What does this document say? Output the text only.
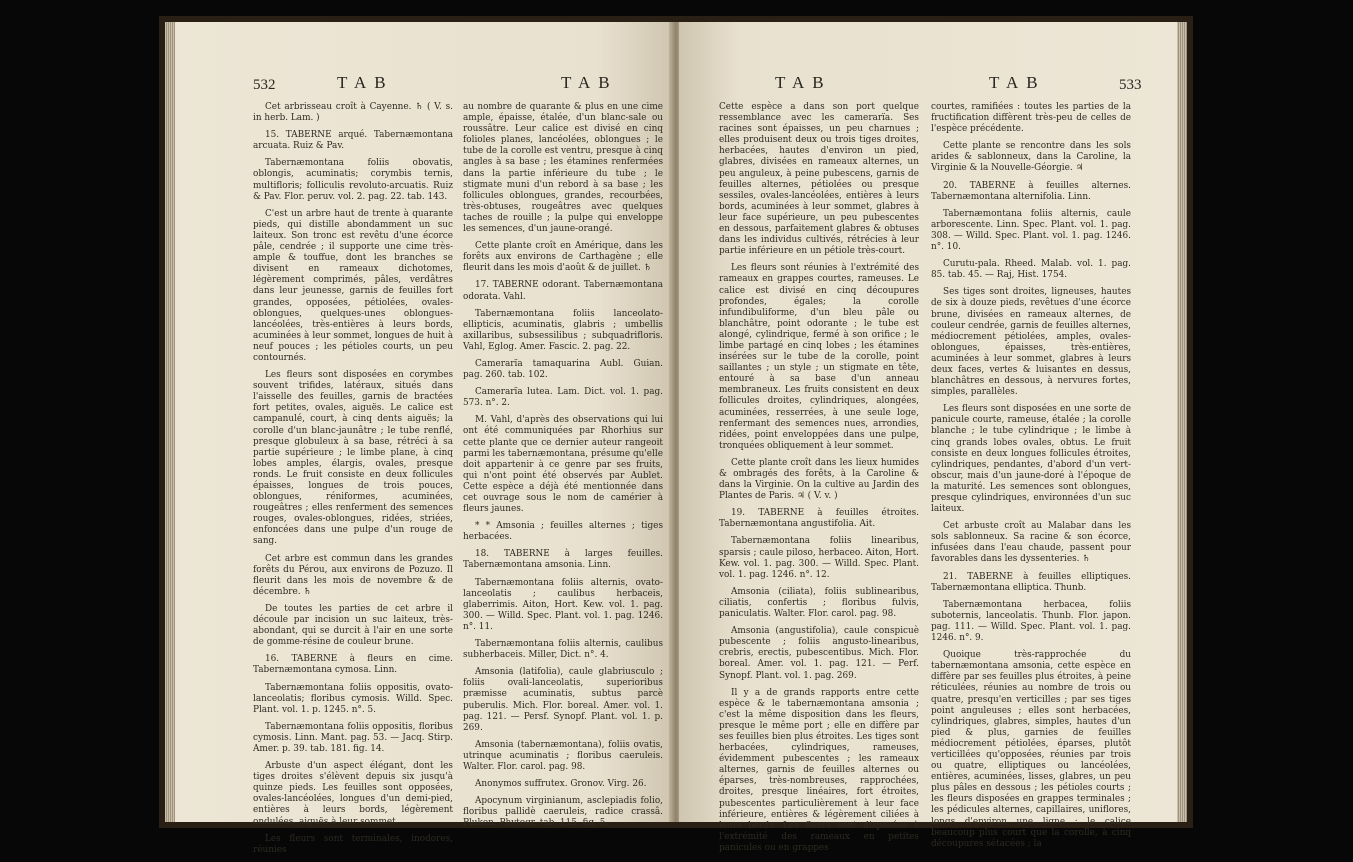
532	TAB	TAB

Cet arbrisseau croît à Cayenne. ♄ ( V. s. in herb. Lam. )

15. TABERNE arqué. Tabernæmontana arcuata. Ruiz & Pav.

Tabernæmontana foliis obovatis, oblongis, acuminatis; corymbis ternis, multifloris; folliculis revoluto-arcuatis. Ruiz & Pav. Flor. peruv. vol. 2. pag. 22. tab. 143.

C'est un arbre haut de trente à quarante pieds, qui distille abondamment un suc laiteux. Son tronc est revêtu d'une écorce pâle, cendrée ; il supporte une cime très-ample & touffue, dont les branches se divisent en rameaux dichotomes, légèrement comprimés, pâles, verdâtres dans leur jeunesse, garnis de feuilles fort grandes, opposées, pétiolées, ovales-oblongues, quelques-unes oblongues-lancéolées, très-entières à leurs bords, acuminées à leur sommet, longues de huit à neuf pouces ; les pétioles courts, un peu contournés.

Les fleurs sont disposées en corymbes souvent trifides, latéraux, situés dans l'aisselle des feuilles, garnis de bractées fort petites, ovales, aiguës. Le calice est campanulé, court, à cinq dents aiguës; la corolle d'un blanc-jaunâtre ; le tube renflé, presque globuleux à sa base, rétréci à sa partie supérieure ; le limbe plane, à cinq lobes amples, élargis, ovales, presque ronds. Le fruit consiste en deux follicules épaisses, longues de trois pouces, oblongues, réniformes, acuminées, rougeâtres ; elles renferment des semences rouges, ovales-oblongues, ridées, striées, enfoncées dans une pulpe d'un rouge de sang.

Cet arbre est commun dans les grandes forêts du Pérou, aux environs de Pozuzo. Il fleurit dans les mois de novembre & de décembre. ♄

De toutes les parties de cet arbre il découle par incision un suc laiteux, très-abondant, qui se durcit à l'air en une sorte de gomme-résine de couleur brune.

16. TABERNE à fleurs en cime. Tabernæmontana cymosa. Linn.

Tabernæmontana foliis oppositis, ovato-lanceolatis; floribus cymosis. Willd. Spec. Plant. vol. 1. p. 1245. n°. 5.

Tabernæmontana foliis oppositis, floribus cymosis. Linn. Mant. pag. 53. — Jacq. Stirp. Amer. p. 39. tab. 181. fig. 14.

Arbuste d'un aspect élégant, dont les tiges droites s'élèvent depuis six jusqu'à quinze pieds. Les feuilles sont opposées, ovales-lancéolées, longues d'un demi-pied, entières à leurs bords, légèrement ondulées, aiguës à leur sommet.

Les fleurs sont terminales, inodores, réunies

au nombre de quarante & plus en une cime ample, épaisse, étalée, d'un blanc-sale ou roussâtre. Leur calice est divisé en cinq folioles planes, lancéolées, oblongues ; le tube de la corolle est ventru, presque à cinq angles à sa base ; les étamines renfermées dans la partie inférieure du tube ; le stigmate muni d'un rebord à sa base ; les follicules oblongues, grandes, recourbées, très-obtuses, rougeâtres avec quelques taches de rouille ; la pulpe qui enveloppe les semences, d'un jaune-orangé.

Cette plante croît en Amérique, dans les forêts aux environs de Carthagène ; elle fleurit dans les mois d'août & de juillet. ♄

17. TABERNE odorant. Tabernæmontana odorata. Vahl.

Tabernæmontana foliis lanceolato-ellipticis, acuminatis, glabris ; umbellis axillaribus, subsessilibus ; subquadrifloris. Vahl, Eglog. Amer. Fascic. 2. pag. 22.

Camerarïa tamaquarina Aubl. Guian. pag. 260. tab. 102.

Camerarïa lutea. Lam. Dict. vol. 1. pag. 573. n°. 2.

M. Vahl, d'après des observations qui lui ont été communiquées par Rhorhius sur cette plante que ce dernier auteur rangeoit parmi les tabernæmontana, présume qu'elle doit appartenir à ce genre par ses fruits, qui n'ont point été observés par Aublet. Cette espèce a déjà été mentionnée dans cet ouvrage sous le nom de camérier à fleurs jaunes.

* * Amsonia ; feuilles alternes ; tiges herbacées.

18. TABERNE à larges feuilles. Tabernæmontana amsonia. Linn.

Tabernæmontana foliis alternis, ovato-lanceolatis ; caulibus herbaceis, glaberrimis. Aiton, Hort. Kew. vol. 1. pag. 300. — Willd. Spec. Plant. vol. 1. pag. 1246. n°. 11.

Tabernæmontana foliis alternis, caulibus subherbaceis. Miller, Dict. n°. 4.

Amsonia (latifolia), caule glabriusculo ; foliis ovali-lanceolatis, superioribus præmisse acuminatis, subtus parcè puberulis. Mich. Flor. boreal. Amer. vol. 1. pag. 121. — Persf. Synopf. Plant. vol. 1. p. 269.

Amsonia (tabernæmontana), foliis ovatis, utrinque acuminatis ; floribus caeruleis. Walter. Flor. carol. pag. 98.

Anonymos suffrutex. Gronov. Virg. 26.

Apocynum virginianum, asclepiadis folio, floribus pallidè caeruleis, radice crassâ. Pluken. Phytogr. tab. 115. fig. 5.

TAB	TAB	533

Cette espèce a dans son port quelque ressemblance avec les camerarïa. Ses racines sont épaisses, un peu charnues ; elles produisent deux ou trois tiges droites, herbacées, hautes d'environ un pied, glabres, divisées en rameaux alternes, un peu anguleux, à peine pubescens, garnis de feuilles alternes, pétiolées ou presque sessiles, ovales-lancéolées, entières à leurs bords, acuminées à leur sommet, glabres à leur face supérieure, un peu pubescentes en dessous, parfaitement glabres & obtuses dans les individus cultivés, rétrécies à leur partie inférieure en un pétiole très-court.

Les fleurs sont réunies à l'extrémité des rameaux en grappes courtes, rameuses. Le calice est divisé en cinq découpures profondes, égales; la corolle infundibuliforme, d'un bleu pâle ou blanchâtre, point odorante ; le tube est alongé, cylindrique, fermé à son orifice ; le limbe partagé en cinq lobes ; les étamines insérées sur le tube de la corolle, point saillantes ; un style ; un stigmate en tête, entouré à sa base d'un anneau membraneux. Les fruits consistent en deux follicules droites, cylindriques, alongées, acuminées, resserrées, à une seule loge, renfermant des semences nues, arrondies, ridées, point enveloppées dans une pulpe, tronquées obliquement à leur sommet.

Cette plante croît dans les lieux humides & ombragés des forêts, à la Caroline & dans la Virginie. On la cultive au Jardin des Plantes de Paris. ♃ ( V. v. )

19. TABERNE à feuilles étroites. Tabernæmontana angustifolia. Ait.

Tabernæmontana foliis linearibus, sparsis ; caule piloso, herbaceo. Aiton, Hort. Kew. vol. 1. pag. 300. — Willd. Spec. Plant. vol. 1. pag. 1246. n°. 12.

Amsonia (ciliata), foliis sublinearibus, ciliatis, confertis ; floribus fulvis, paniculatis. Walter. Flor. carol. pag. 98.

Amsonia (angustifolia), caule conspicuè pubescente ; foliis angusto-linearibus, crebris, erectis, pubescentibus. Mich. Flor. boreal. Amer. vol. 1. pag. 121. — Perf. Synopf. Plant. vol. 1. pag. 269.

Il y a de grands rapports entre cette espèce & le tabernæmontana amsonia ; c'est la même disposition dans les fleurs, presque le même port ; elle en diffère par ses feuilles bien plus étroites. Les tiges sont herbacées, cylindriques, rameuses, évidemment pubescentes ; les rameaux alternes, garnis de feuilles alternes ou éparses, très-nombreuses, rapprochées, droites, presque linéaires, fort étroites, pubescentes particulièrement à leur face inférieure, entières & légèrement ciliées à leurs bords. Les fleurs sont disposées à l'extrémité des rameaux en petites panicules ou en grappes

courtes, ramifiées : toutes les parties de la fructification diffèrent très-peu de celles de l'espèce précédente.

Cette plante se rencontre dans les sols arides & sablonneux, dans la Caroline, la Virginie & la Nouvelle-Géorgie. ♃

20. TABERNE à feuilles alternes. Tabernæmontana alternifolia. Linn.

Tabernæmontana foliis alternis, caule arborescente. Linn. Spec. Plant. vol. 1. pag. 308. — Willd. Spec. Plant. vol. 1. pag. 1246. n°. 10.

Curutu-pala. Rheed. Malab. vol. 1. pag. 85. tab. 45. — Raj, Hist. 1754.

Ses tiges sont droites, ligneuses, hautes de six à douze pieds, revêtues d'une écorce brune, divisées en rameaux alternes, de couleur cendrée, garnis de feuilles alternes, médiocrement pétiolées, amples, ovales-oblongues, épaisses, très-entières, acuminées à leur sommet, glabres à leurs deux faces, vertes & luisantes en dessus, blanchâtres en dessous, à nervures fortes, simples, parallèles.

Les fleurs sont disposées en une sorte de panicule courte, rameuse, étalée ; la corolle blanche ; le tube cylindrique ; le limbe à cinq grands lobes ovales, obtus. Le fruit consiste en deux longues follicules étroites, cylindriques, pendantes, d'abord d'un vert-obscur, mais d'un jaune-doré à l'époque de la maturité. Les semences sont oblongues, presque cylindriques, environnées d'un suc laiteux.

Cet arbuste croît au Malabar dans les sols sablonneux. Sa racine & son écorce, infusées dans l'eau chaude, passent pour favorables dans les dyssenteries. ♄

21. TABERNE à feuilles elliptiques. Tabernæmontana elliptica. Thunb.

Tabernæmontana herbacea, foliis suboternis, lanceolatis. Thunb. Flor. japon. pag. 111. — Willd. Spec. Plant. vol. 1. pag. 1246. n°. 9.

Quoique très-rapprochée du tabernæmontana amsonia, cette espèce en diffère par ses feuilles plus étroites, à peine réticulées, réunies au nombre de trois ou quatre, presqu'en verticilles ; par ses tiges point anguleuses ; elles sont herbacées, cylindriques, glabres, simples, hautes d'un pied & plus, garnies de feuilles médiocrement pétiolées, éparses, plutôt verticillées qu'opposées, réunies par trois ou quatre, elliptiques ou lancéolées, entières, acuminées, lisses, glabres, un peu plus pâles en dessous ; les pétioles courts ; les fleurs disposées en grappes terminales ; les pédicules alternes, capillaires, uniflores, longs d'environ une ligne ; le calice beaucoup plus court que la corolle, à cinq découpures sétacées ; la
